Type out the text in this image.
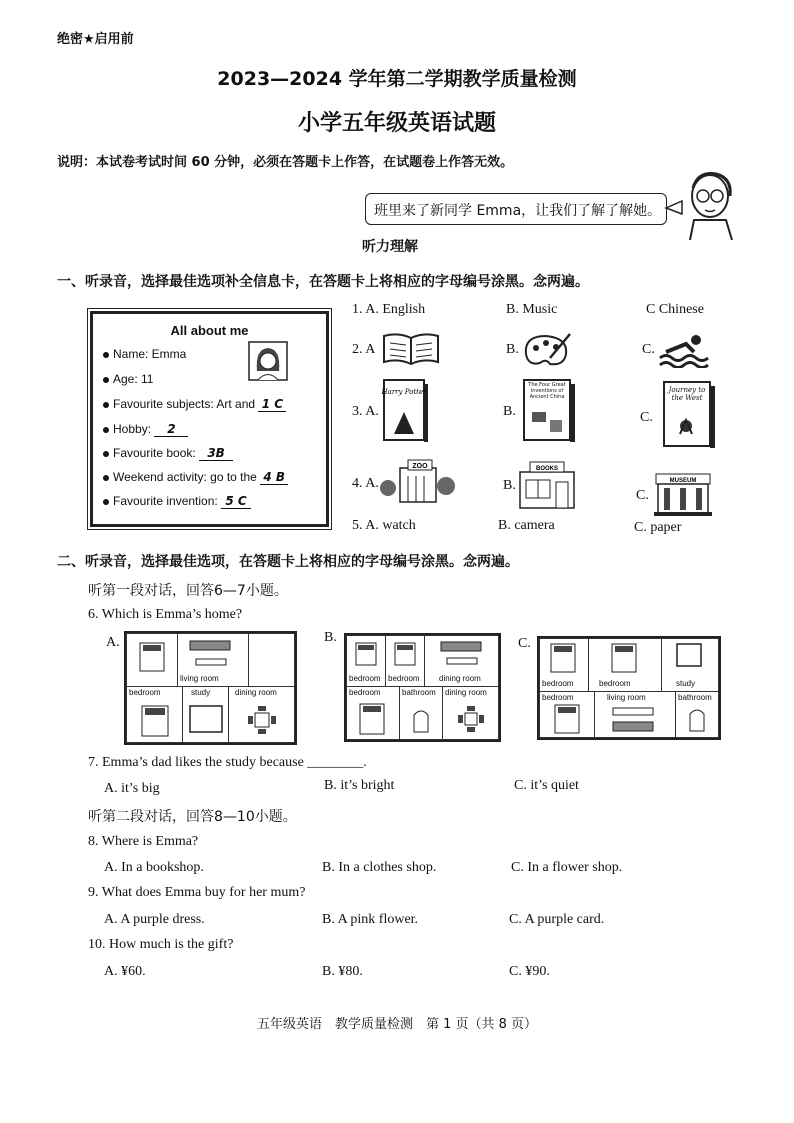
绝密★启用前
2023—2024 学年第二学期教学质量检测
小学五年级英语试题
说明：本试卷考试时间 60 分钟，必须在答题卡上作答，在试题卷上作答无效。
班里来了新同学 Emma，让我们了解了解她。
听力理解
一、听录音，选择最佳选项补全信息卡，在答题卡上将相应的字母编号涂黑。念两遍。
All about me
Name: Emma
Age: 11
Favourite subjects: Art and 1 C
Hobby: 2
Favourite book: 3B
Weekend activity: go to the 4 B
Favourite invention: 5 C
1. A. English	B. Music	C Chinese
2. A	B.	C.
3. A.
Harry Potter
B.
The Four Great Inventions of Ancient China
C.
Journey to the West
4. A.
ZOO
B.
BOOKS
C.
MUSEUM
5. A. watch	B. camera	C. paper
二、听录音，选择最佳选项，在答题卡上将相应的字母编号涂黑。念两遍。
听第一段对话，回答6—7小题。
6. Which is Emma’s home?
A.
living room
bedroom	study	dining room
B.
bedroom bedroom dining room
bedroom	bathroom dining room
C.
bedroom	bedroom	study
bedroom	living room	bathroom
7. Emma’s dad likes the study because ________.
A. it’s big	B. it’s bright	C. it’s quiet
听第二段对话，回答8—10小题。
8. Where is Emma?
A. In a bookshop.	B. In a clothes shop.	C. In a flower shop.
9. What does Emma buy for her mum?
A. A purple dress.	B. A pink flower.	C. A purple card.
10. How much is the gift?
A. ¥60.	B. ¥80.	C. ¥90.
五年级英语　教学质量检测　第 1 页（共 8 页）
